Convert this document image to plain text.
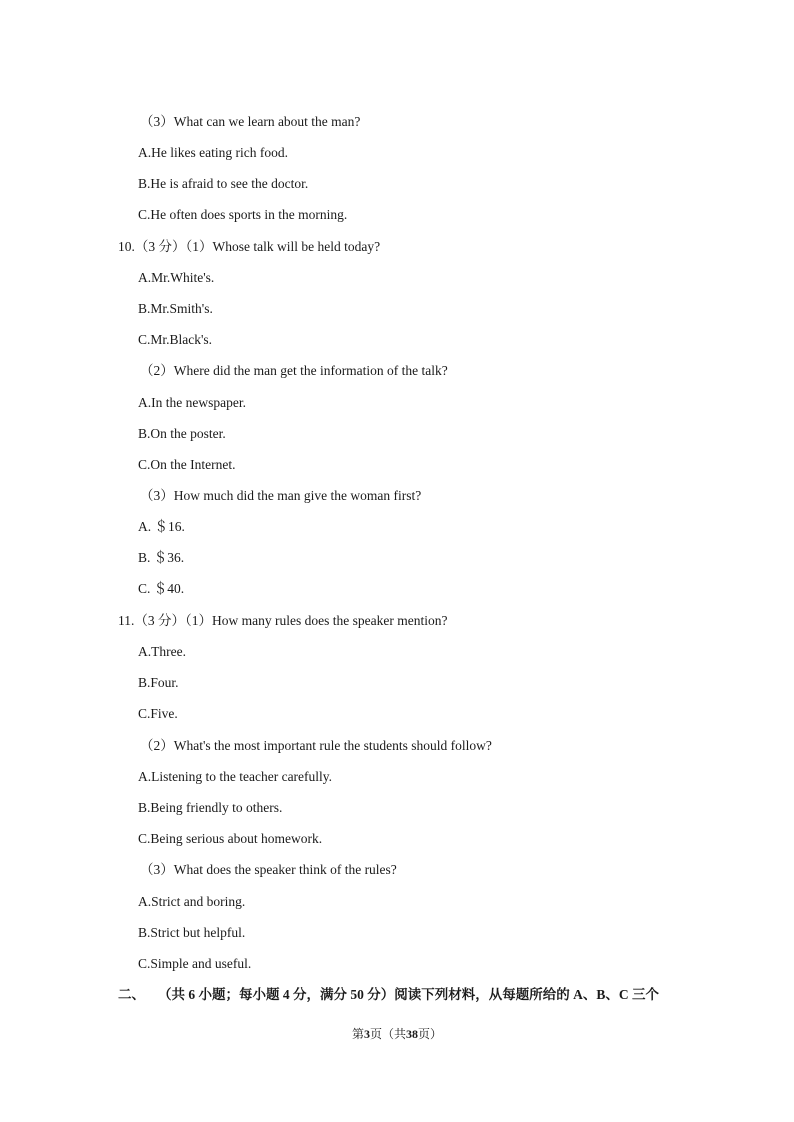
（3）What can we learn about the man?
A.He likes eating rich food.
B.He is afraid to see the doctor.
C.He often does sports in the morning.
10.（3 分）（1）Whose talk will be held today?
A.Mr.White's.
B.Mr.Smith's.
C.Mr.Black's.
（2）Where did the man get the information of the talk?
A.In the newspaper.
B.On the poster.
C.On the Internet.
（3）How much did the man give the woman first?
A. ＄16.
B. ＄36.
C. ＄40.
11.（3 分）（1）How many rules does the speaker mention?
A.Three.
B.Four.
C.Five.
（2）What's the most important rule the students should follow?
A.Listening to the teacher carefully.
B.Being friendly to others.
C.Being serious about homework.
（3）What does the speaker think of the rules?
A.Strict and boring.
B.Strict but helpful.
C.Simple and useful.
二、 （共 6 小题；每小题 4 分，满分 50 分）阅读下列材料，从每题所给的 A、B、C 三个
第3页（共38页）
